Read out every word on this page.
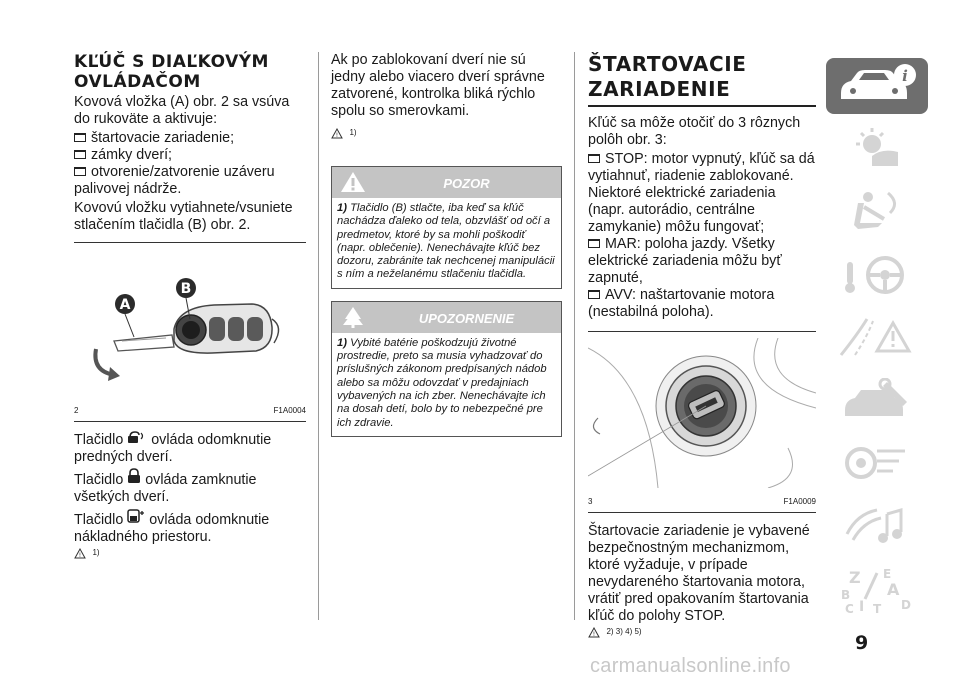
KĽÚČ S DIAĽKOVÝM
OVLÁDAČOM

Kovová vložka (A) obr. 2 sa vsúva do rukoväte a aktivuje:

štartovacie zariadenie;
zámky dverí;
otvorenie/zatvorenie uzáveru palivovej nádrže.

Kovovú vložku vytiahnete/vsuniete stlačením tlačidla (B) obr. 2.

A
B
2	F1A0004

Tlačidlo ovláda odomknutie predných dverí.

Tlačidlo ovláda zamknutie všetkých dverí.

Tlačidlo ovláda odomknutie nákladného priestoru.

! $^{1)}$

Ak po zablokovaní dverí nie sú jedny alebo viacero dverí správne zatvorené, kontrolka bliká rýchlo spolu so smerovkami.

! $^{1)}$
POZOR
1) Tlačidlo (B) stlačte, iba keď sa kľúč nachádza ďaleko od tela, obzvlášť od očí a predmetov, ktoré by sa mohli poškodiť (napr. oblečenie). Nenechávajte kľúč bez dozoru, zabránite tak nechcenej manipulácii s ním a neželanému stlačeniu tlačidla.
UPOZORNENIE
1) Vybité batérie poškodzujú životné prostredie, preto sa musia vyhadzovať do príslušných zákonom predpísaných nádob alebo sa môžu odovzdať v predajniach vybavených na ich zber. Nenechávajte ich na dosah detí, bolo by to nebezpečné pre ich zdravie.
ŠTARTOVACIE
ZARIADENIE

Kľúč sa môže otočiť do 3 rôznych polôh obr. 3:

STOP: motor vypnutý, kľúč sa dá vytiahnuť, riadenie zablokované. Niektoré elektrické zariadenia (napr. autorádio, centrálne zamykanie) môžu fungovať;
MAR: poloha jazdy. Všetky elektrické zariadenia môžu byť zapnuté,
AVV: naštartovanie motora (nestabilná poloha).
3	F1A0009

Štartovacie zariadenie je vybavené bezpečnostným mechanizmom, ktoré vyžaduje, v prípade nevydareného štartovania motora, vrátiť pred opakovaním štartovania kľúč do polohy STOP.

! $^{2) 3) 4) 5)}$
i
Z E
B A
I
C T D
9
carmanualsonline.info
